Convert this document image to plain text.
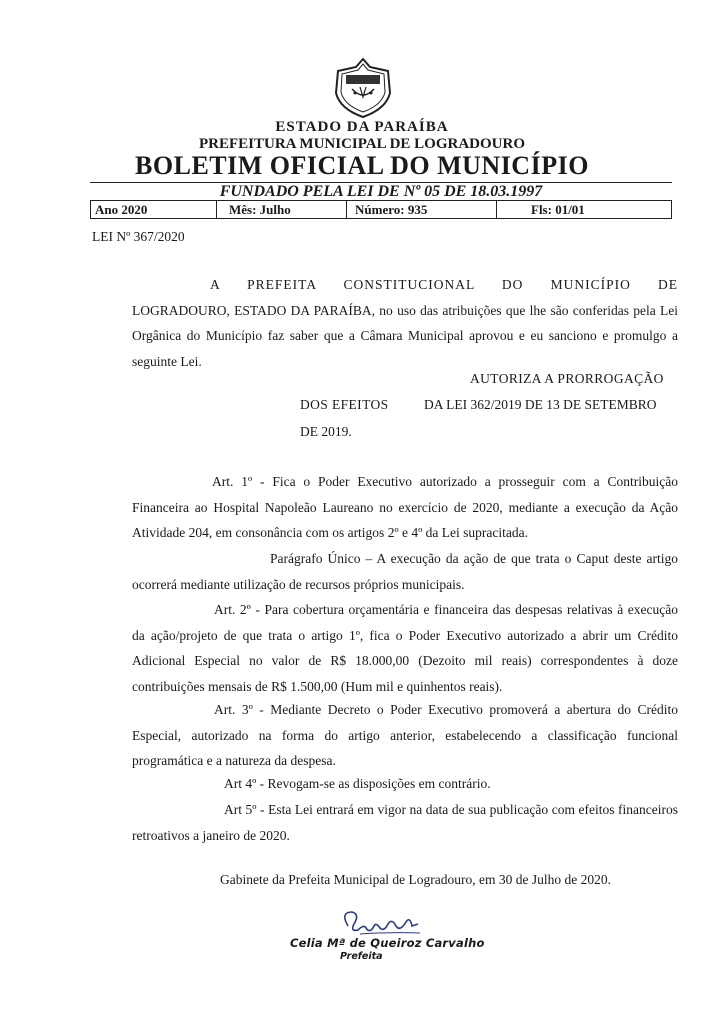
ESTADO DA PARAÍBA
PREFEITURA MUNICIPAL DE LOGRADOURO
BOLETIM OFICIAL DO MUNICÍPIO
FUNDADO PELA LEI DE Nº 05 DE 18.03.1997
Ano 2020	Mês: Julho	Número: 935	Fls: 01/01
LEI Nº 367/2020
A PREFEITA CONSTITUCIONAL DO MUNICÍPIO DE
LOGRADOURO, ESTADO DA PARAÍBA, no uso das atribuições que lhe são conferidas pela Lei Orgânica do Município faz saber que a Câmara Municipal aprovou e eu sanciono e promulgo a seguinte Lei.
AUTORIZA A PRORROGAÇÃO
DOS EFEITOS	DA LEI 362/2019 DE 13 DE SETEMBRO
DE 2019.
Art. 1º - Fica o Poder Executivo autorizado a prosseguir com a Contribuição Financeira ao Hospital Napoleão Laureano no exercício de 2020, mediante a execução da Ação Atividade 204, em consonância com os artigos 2º e 4º da Lei supracitada.
Parágrafo Único – A execução da ação de que trata o Caput deste artigo ocorrerá mediante utilização de recursos próprios municipais.
Art. 2º - Para cobertura orçamentária e financeira das despesas relativas à execução da ação/projeto de que trata o artigo 1º, fica o Poder Executivo autorizado a abrir um Crédito Adicional Especial no valor de R$ 18.000,00 (Dezoito mil reais) correspondentes à doze contribuições mensais de R$ 1.500,00 (Hum mil e quinhentos reais).
Art. 3º - Mediante Decreto o Poder Executivo promoverá a abertura do Crédito Especial, autorizado na forma do artigo anterior, estabelecendo a classificação funcional programática e a natureza da despesa.
Art 4º - Revogam-se as disposições em contrário.
Art 5º - Esta Lei entrará em vigor na data de sua publicação com efeitos financeiros retroativos a janeiro de 2020.
Gabinete da Prefeita Municipal de Logradouro, em 30 de Julho de 2020.
Celia Mª de Queiroz Carvalho
Prefeita
